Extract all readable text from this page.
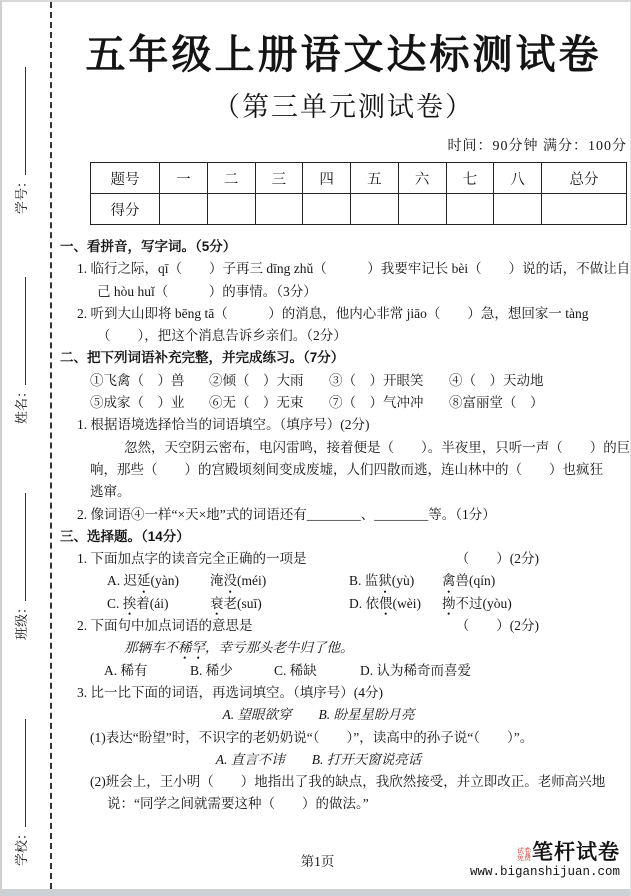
学号：
姓名：
班级：
学校：
五年级上册语文达标测试卷
（第三单元测试卷）
时间：90分钟 满分：100分
题号	一	二	三	四	五	六	七	八	总分
得分									
一、看拼音，写字词。（5分）
1. 临行之际，qī（　　）子再三 dīng zhǔ（　　　）我要牢记长 bèi（　　）说的话，不做让自
己 hòu huǐ（　　　）的事情。（3分）
2. 听到大山即将 bēng tā（　　　）的消息，他内心非常 jiāo（　　）急，想回家一 tàng
（　　），把这个消息告诉乡亲们。（2分）
二、把下列词语补充完整，并完成练习。（7分）
①飞禽（　）兽	②倾（　）大雨	③（　）开眼笑	④（　）天动地
⑤成家（　）业	⑥无（　）无束	⑦（　）气冲冲	⑧富丽堂（　）
1. 根据语境选择恰当的词语填空。（填序号）(2分)
忽然，天空阴云密布，电闪雷鸣，接着便是（　　）。半夜里，只听一声（　　）的巨
响，那些（　　）的宫殿顷刻间变成废墟，人们四散而逃，连山林中的（　　）也疯狂
逃窜。
2. 像词语④一样“×天×地”式的词语还有________、________等。（1分）
三、选择题。（14分）
1. 下面加点字的读音完全正确的一项是	（　　）(2分)
A. 迟延(yàn)	淹没(méi)	B. 监狱(yù)	禽兽(qín)
C. 挨着(ái)	衰老(suī)	D. 依偎(wèi)	拗不过(yòu)
2. 下面句中加点词语的意思是	（　　）(2分)
那辆车不稀罕，幸亏那头老牛归了他。
A. 稀有	B. 稀少	C. 稀缺	D. 认为稀奇而喜爱
3. 比一比下面的词语，再选词填空。（填序号）(4分)
A. 望眼欲穿　　B. 盼星星盼月亮
(1)表达“盼望”时，不识字的老奶奶说“（　　）”，读高中的孙子说“（　　）”。
A. 直言不讳　　B. 打开天窗说亮话
(2)班会上，王小明（　　）地指出了我的缺点，我欣然接受，并立即改正。老师高兴地
说：“同学之间就需要这种（　　）的做法。”
第1页
试卷免费 笔杆试卷
www.biganshijuan.com
